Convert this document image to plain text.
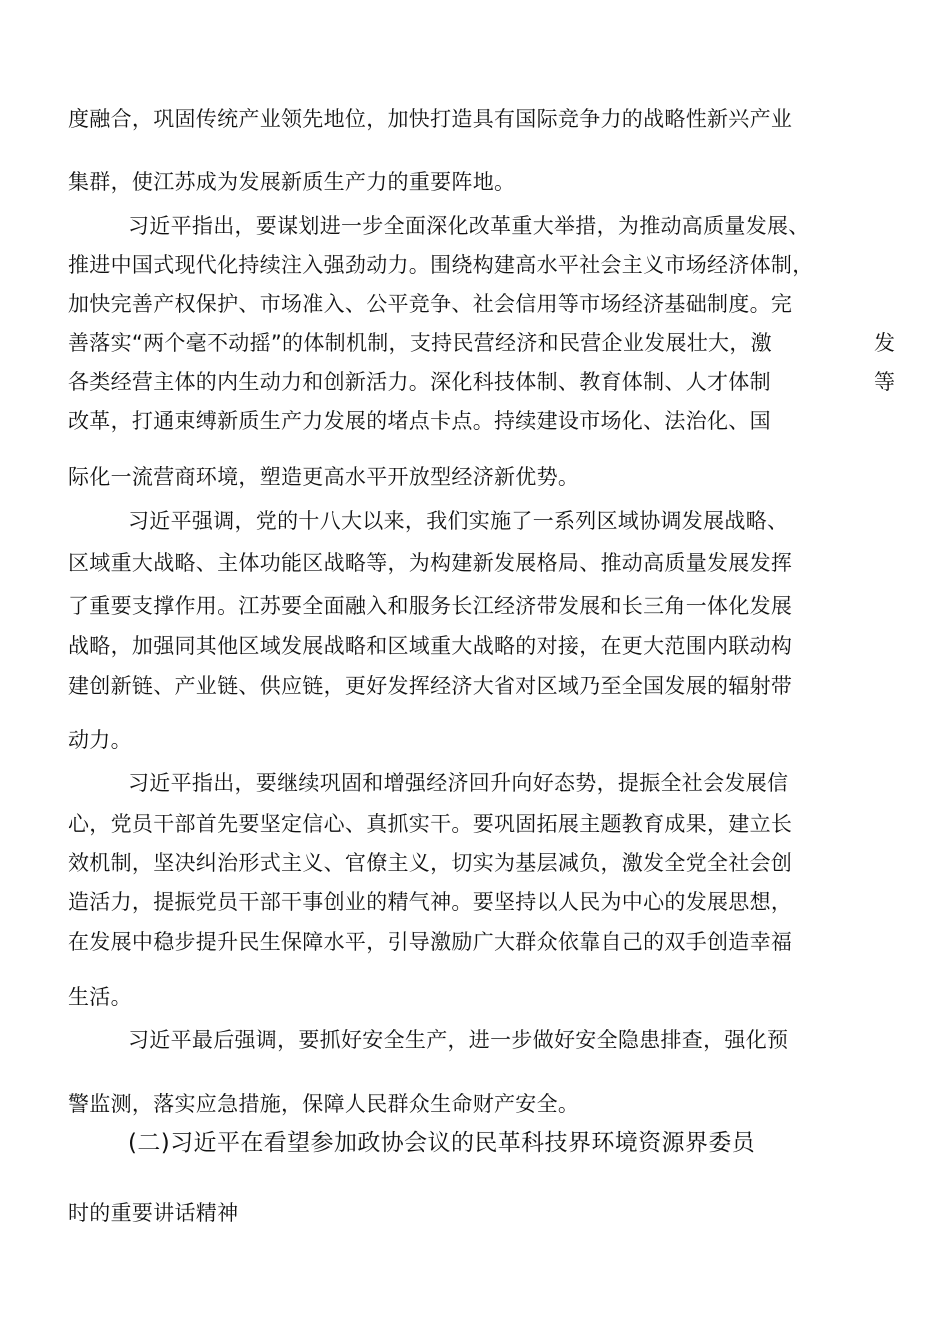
度融合，巩固传统产业领先地位，加快打造具有国际竞争力的战略性新兴产业
集群，使江苏成为发展新质生产力的重要阵地。
习近平指出，要谋划进一步全面深化改革重大举措，为推动高质量发展、
推进中国式现代化持续注入强劲动力。围绕构建高水平社会主义市场经济体制，
加快完善产权保护、市场准入、公平竞争、社会信用等市场经济基础制度。完
善落实“两个毫不动摇”的体制机制，支持民营经济和民营企业发展壮大，激	发
各类经营主体的内生动力和创新活力。深化科技体制、教育体制、人才体制	等
改革，打通束缚新质生产力发展的堵点卡点。持续建设市场化、法治化、国
际化一流营商环境，塑造更高水平开放型经济新优势。
习近平强调，党的十八大以来，我们实施了一系列区域协调发展战略、
区域重大战略、主体功能区战略等，为构建新发展格局、推动高质量发展发挥
了重要支撑作用。江苏要全面融入和服务长江经济带发展和长三角一体化发展
战略，加强同其他区域发展战略和区域重大战略的对接，在更大范围内联动构
建创新链、产业链、供应链，更好发挥经济大省对区域乃至全国发展的辐射带
动力。
习近平指出，要继续巩固和增强经济回升向好态势，提振全社会发展信
心，党员干部首先要坚定信心、真抓实干。要巩固拓展主题教育成果，建立长
效机制，坚决纠治形式主义、官僚主义，切实为基层减负，激发全党全社会创
造活力，提振党员干部干事创业的精气神。要坚持以人民为中心的发展思想，
在发展中稳步提升民生保障水平，引导激励广大群众依靠自己的双手创造幸福
生活。
习近平最后强调，要抓好安全生产，进一步做好安全隐患排查，强化预
警监测，落实应急措施，保障人民群众生命财产安全。
(二)习近平在看望参加政协会议的民革科技界环境资源界委员
时的重要讲话精神
